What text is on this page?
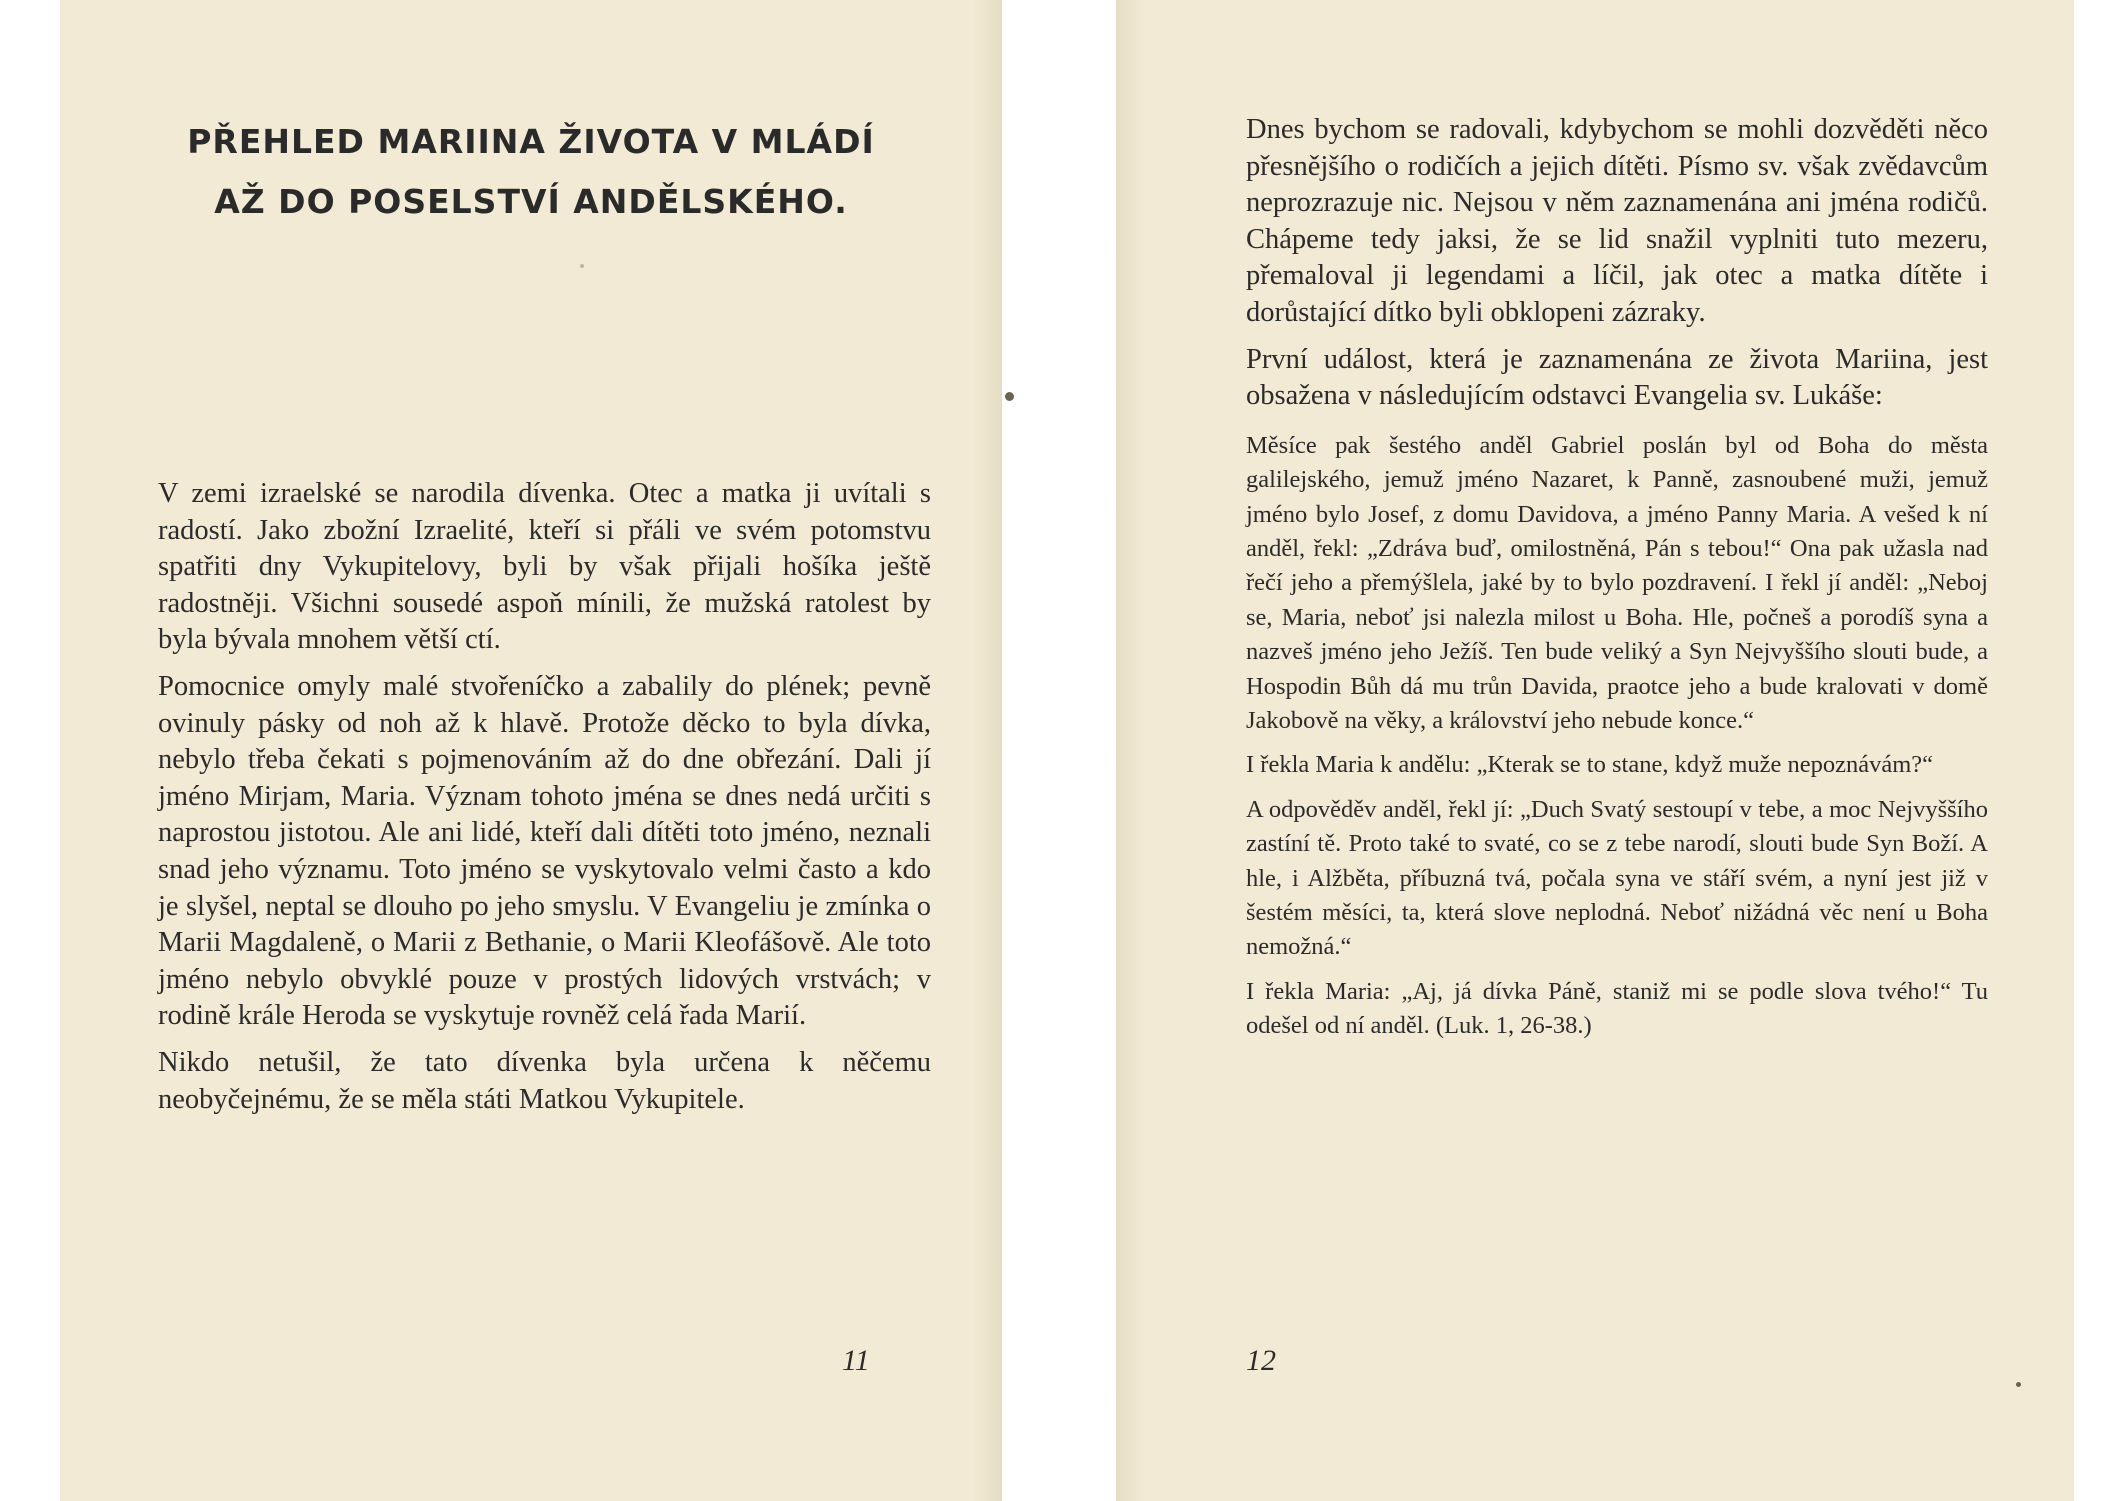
PŘEHLED MARIINA ŽIVOTA V MLÁDÍ
AŽ DO POSELSTVÍ ANDĚLSKÉHO.

V zemi izraelské se narodila dívenka. Otec a matka ji uvítali s radostí. Jako zbožní Izraelité, kteří si přáli ve svém potomstvu spatřiti dny Vykupitelovy, byli by však přijali hošíka ještě radostněji. Všichni sousedé aspoň mínili, že mužská ratolest by byla bývala mnohem větší ctí.

Pomocnice omyly malé stvořeníčko a zabalily do plének; pevně ovinuly pásky od noh až k hlavě. Protože děcko to byla dívka, nebylo třeba čekati s pojmenováním až do dne obřezání. Dali jí jméno Mirjam, Maria. Význam tohoto jména se dnes nedá určiti s naprostou jistotou. Ale ani lidé, kteří dali dítěti toto jméno, neznali snad jeho významu. Toto jméno se vyskytovalo velmi často a kdo je slyšel, neptal se dlouho po jeho smyslu. V Evangeliu je zmínka o Marii Magdaleně, o Marii z Bethanie, o Marii Kleofášově. Ale toto jméno nebylo obvyklé pouze v prostých lidových vrstvách; v rodině krále Heroda se vyskytuje rovněž celá řada Marií.

Nikdo netušil, že tato dívenka byla určena k něčemu neobyčejnému, že se měla státi Matkou Vykupitele.

11

Dnes bychom se radovali, kdybychom se mohli dozvěděti něco přesnějšího o rodičích a jejich dítěti. Písmo sv. však zvědavcům neprozrazuje nic. Nejsou v něm zaznamenána ani jména rodičů. Chápeme tedy jaksi, že se lid snažil vyplniti tuto mezeru, přemaloval ji legendami a líčil, jak otec a matka dítěte i dorůstající dítko byli obklopeni zázraky.

První událost, která je zaznamenána ze života Mariina, jest obsažena v následujícím odstavci Evangelia sv. Lukáše:

Měsíce pak šestého anděl Gabriel poslán byl od Boha do města galilejského, jemuž jméno Nazaret, k Panně, zasnoubené muži, jemuž jméno bylo Josef, z domu Davidova, a jméno Panny Maria. A vešed k ní anděl, řekl: „Zdráva buď, omilostněná, Pán s tebou!“ Ona pak užasla nad řečí jeho a přemýšlela, jaké by to bylo pozdravení. I řekl jí anděl: „Neboj se, Maria, neboť jsi nalezla milost u Boha. Hle, počneš a porodíš syna a nazveš jméno jeho Ježíš. Ten bude veliký a Syn Nejvyššího slouti bude, a Hospodin Bůh dá mu trůn Davida, praotce jeho a bude kralovati v domě Jakobově na věky, a království jeho nebude konce.“

I řekla Maria k andělu: „Kterak se to stane, když muže nepoznávám?“

A odpověděv anděl, řekl jí: „Duch Svatý sestoupí v tebe, a moc Nejvyššího zastíní tě. Proto také to svaté, co se z tebe narodí, slouti bude Syn Boží. A hle, i Alžběta, příbuzná tvá, počala syna ve stáří svém, a nyní jest již v šestém měsíci, ta, která slove neplodná. Neboť nižádná věc není u Boha nemožná.“

I řekla Maria: „Aj, já dívka Páně, staniž mi se podle slova tvého!“ Tu odešel od ní anděl. (Luk. 1, 26-38.)

12
